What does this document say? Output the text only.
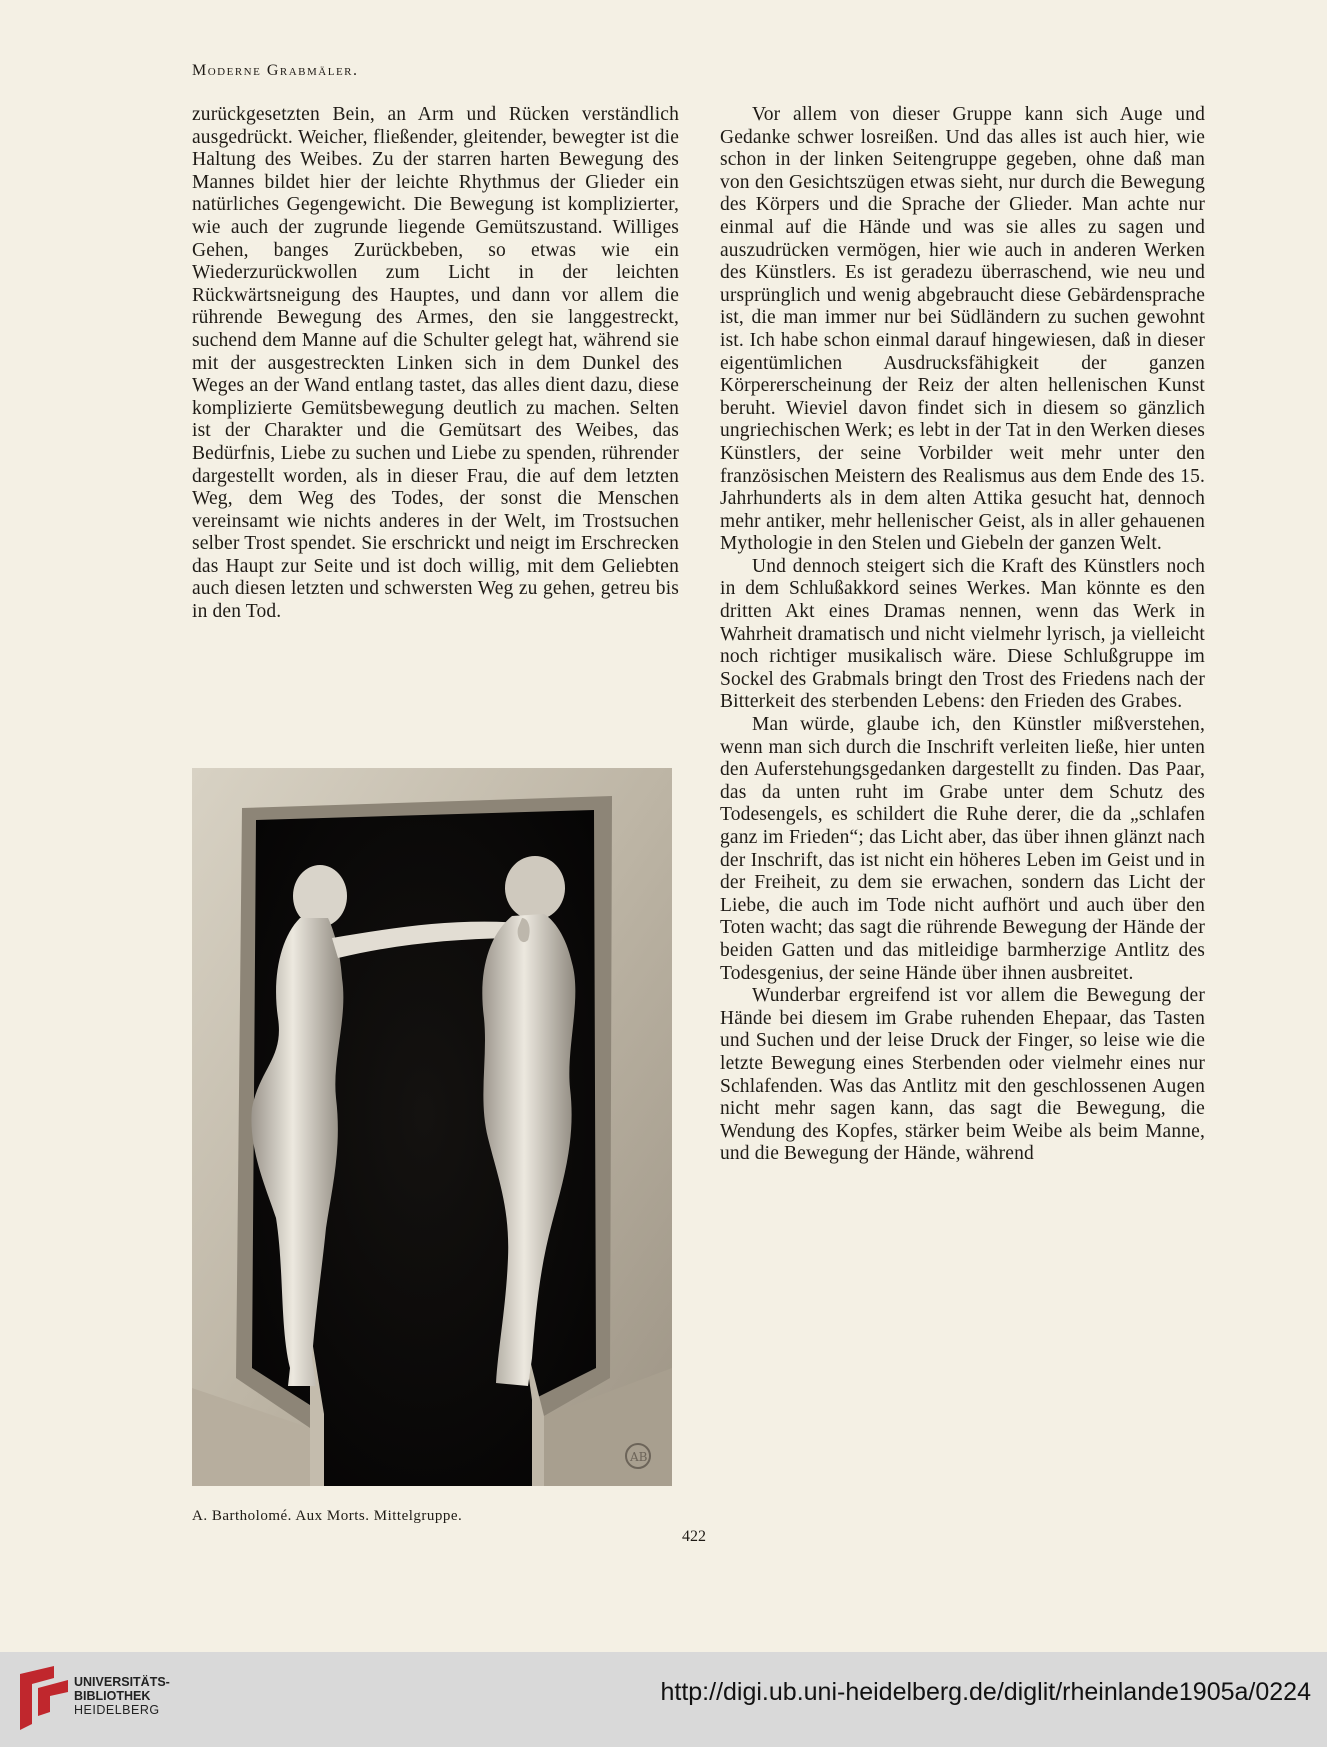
Moderne Grabmäler.

zurückgesetzten Bein, an Arm und Rücken verständlich ausgedrückt. Weicher, fließender, gleitender, bewegter ist die Haltung des Weibes. Zu der starren harten Bewegung des Mannes bildet hier der leichte Rhythmus der Glieder ein natürliches Gegengewicht. Die Bewegung ist komplizierter, wie auch der zugrunde liegende Gemütszustand. Williges Gehen, banges Zurückbeben, so etwas wie ein Wiederzurückwollen zum Licht in der leichten Rückwärtsneigung des Hauptes, und dann vor allem die rührende Bewegung des Armes, den sie langgestreckt, suchend dem Manne auf die Schulter gelegt hat, während sie mit der ausgestreckten Linken sich in dem Dunkel des Weges an der Wand entlang tastet, das alles dient dazu, diese komplizierte Gemütsbewegung deutlich zu machen. Selten ist der Charakter und die Gemütsart des Weibes, das Bedürfnis, Liebe zu suchen und Liebe zu spenden, rührender dargestellt worden, als in dieser Frau, die auf dem letzten Weg, dem Weg des Todes, der sonst die Menschen vereinsamt wie nichts anderes in der Welt, im Trostsuchen selber Trost spendet. Sie erschrickt und neigt im Erschrecken das Haupt zur Seite und ist doch willig, mit dem Geliebten auch diesen letzten und schwersten Weg zu gehen, getreu bis in den Tod.

Vor allem von dieser Gruppe kann sich Auge und Gedanke schwer losreißen. Und das alles ist auch hier, wie schon in der linken Seitengruppe gegeben, ohne daß man von den Gesichtszügen etwas sieht, nur durch die Bewegung des Körpers und die Sprache der Glieder. Man achte nur einmal auf die Hände und was sie alles zu sagen und auszudrücken vermögen, hier wie auch in anderen Werken des Künstlers. Es ist geradezu überraschend, wie neu und ursprünglich und wenig abgebraucht diese Gebärdensprache ist, die man immer nur bei Südländern zu suchen gewohnt ist. Ich habe schon einmal darauf hingewiesen, daß in dieser eigentümlichen Ausdrucksfähigkeit der ganzen Körpererscheinung der Reiz der alten hellenischen Kunst beruht. Wieviel davon findet sich in diesem so gänzlich ungriechischen Werk; es lebt in der Tat in den Werken dieses Künstlers, der seine Vorbilder weit mehr unter den französischen Meistern des Realismus aus dem Ende des 15. Jahrhunderts als in dem alten Attika gesucht hat, dennoch mehr antiker, mehr hellenischer Geist, als in aller gehauenen Mythologie in den Stelen und Giebeln der ganzen Welt.

Und dennoch steigert sich die Kraft des Künstlers noch in dem Schlußakkord seines Werkes. Man könnte es den dritten Akt eines Dramas nennen, wenn das Werk in Wahrheit dramatisch und nicht vielmehr lyrisch, ja vielleicht noch richtiger musikalisch wäre. Diese Schlußgruppe im Sockel des Grabmals bringt den Trost des Friedens nach der Bitterkeit des sterbenden Lebens: den Frieden des Grabes.

Man würde, glaube ich, den Künstler mißverstehen, wenn man sich durch die Inschrift verleiten ließe, hier unten den Auferstehungsgedanken dargestellt zu finden. Das Paar, das da unten ruht im Grabe unter dem Schutz des Todesengels, es schildert die Ruhe derer, die da „schlafen ganz im Frieden“; das Licht aber, das über ihnen glänzt nach der Inschrift, das ist nicht ein höheres Leben im Geist und in der Freiheit, zu dem sie erwachen, sondern das Licht der Liebe, die auch im Tode nicht aufhört und auch über den Toten wacht; das sagt die rührende Bewegung der Hände der beiden Gatten und das mitleidige barmherzige Antlitz des Todesgenius, der seine Hände über ihnen ausbreitet.

Wunderbar ergreifend ist vor allem die Bewegung der Hände bei diesem im Grabe ruhenden Ehepaar, das Tasten und Suchen und der leise Druck der Finger, so leise wie die letzte Bewegung eines Sterbenden oder vielmehr eines nur Schlafenden. Was das Antlitz mit den geschlossenen Augen nicht mehr sagen kann, das sagt die Bewegung, die Wendung des Kopfes, stärker beim Weibe als beim Manne, und die Bewegung der Hände, während

AB
A. Bartholomé. Aux Morts. Mittelgruppe.
422
UNIVERSITÄTS-
BIBLIOTHEK
HEIDELBERG
http://digi.ub.uni-heidelberg.de/diglit/rheinlande1905a/0224
